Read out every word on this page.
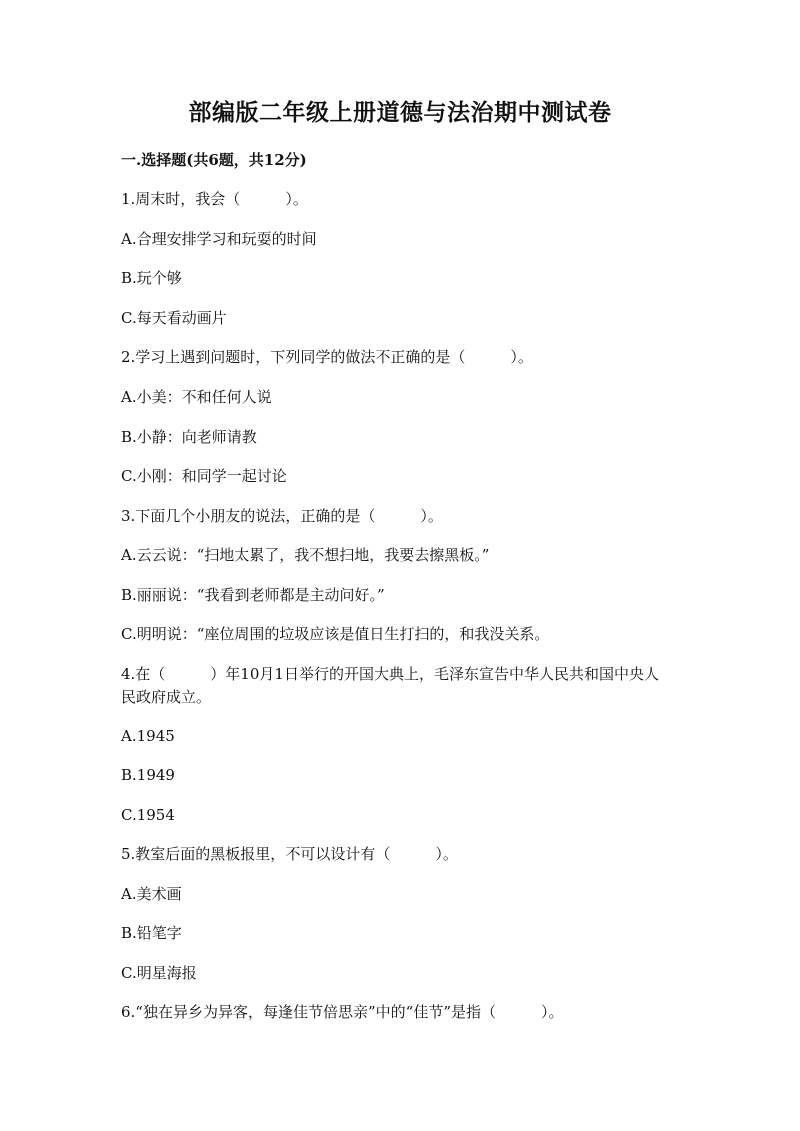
部编版二年级上册道德与法治期中测试卷
一.选择题(共6题，共12分)
1.周末时，我会（　　　）。
A.合理安排学习和玩耍的时间
B.玩个够
C.每天看动画片
2.学习上遇到问题时，下列同学的做法不正确的是（　　　）。
A.小美：不和任何人说
B.小静：向老师请教
C.小刚：和同学一起讨论
3.下面几个小朋友的说法，正确的是（　　　）。
A.云云说：“扫地太累了，我不想扫地，我要去擦黑板。”
B.丽丽说：“我看到老师都是主动问好。”
C.明明说：“座位周围的垃圾应该是值日生打扫的，和我没关系。
4.在（　　　）年10月1日举行的开国大典上，毛泽东宣告中华人民共和国中央人民政府成立。
A.1945
B.1949
C.1954
5.教室后面的黑板报里，不可以设计有（　　　）。
A.美术画
B.铅笔字
C.明星海报
6.“独在异乡为异客，每逢佳节倍思亲”中的“佳节”是指（　　　）。
